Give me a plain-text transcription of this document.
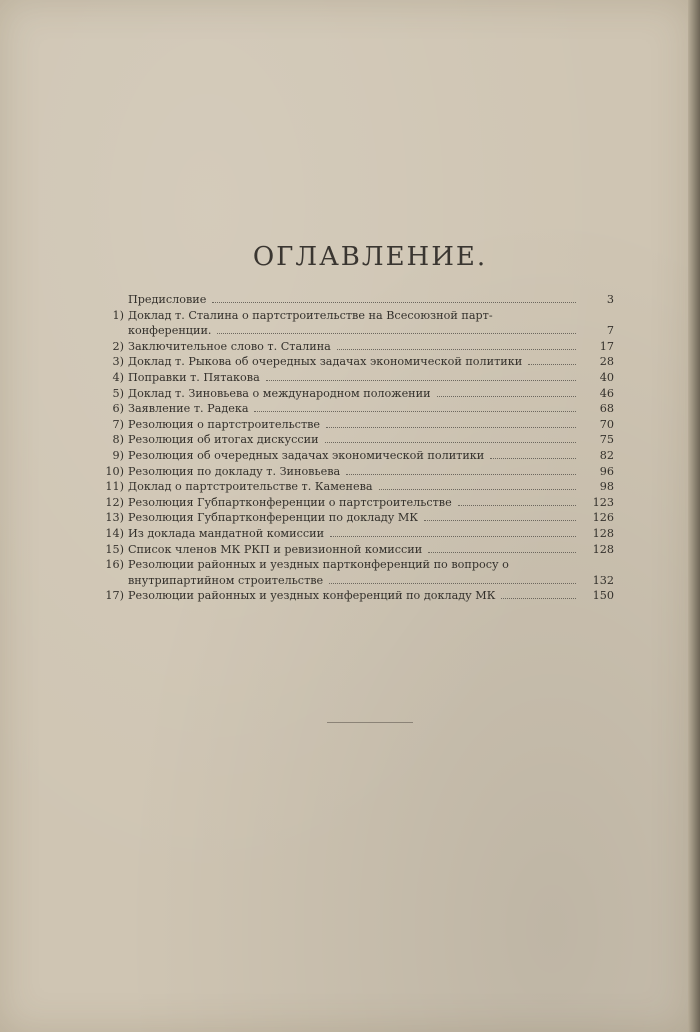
ОГЛАВЛЕНИЕ.
Предисловие	3
1) Доклад т. Сталина о партстроительстве на Всесоюзной парт-
конференции.	7
2) Заключительное слово т. Сталина	17
3) Доклад т. Рыкова об очередных задачах экономической политики	28
4) Поправки т. Пятакова	40
5) Доклад т. Зиновьева о международном положении	46
6) Заявление т. Радека	68
7) Резолюция о партстроительстве	70
8) Резолюция об итогах дискуссии	75
9) Резолюция об очередных задачах экономической политики	82
10) Резолюция по докладу т. Зиновьева	96
11) Доклад о партстроительстве т. Каменева	98
12) Резолюция Губпартконференции о партстроительстве	123
13) Резолюция Губпартконференции по докладу МК	126
14) Из доклада мандатной комиссии	128
15) Список членов МК РКП и ревизионной комиссии	128
16) Резолюции районных и уездных партконференций по вопросу о
внутрипартийном строительстве	132
17) Резолюции районных и уездных конференций по докладу МК	150
